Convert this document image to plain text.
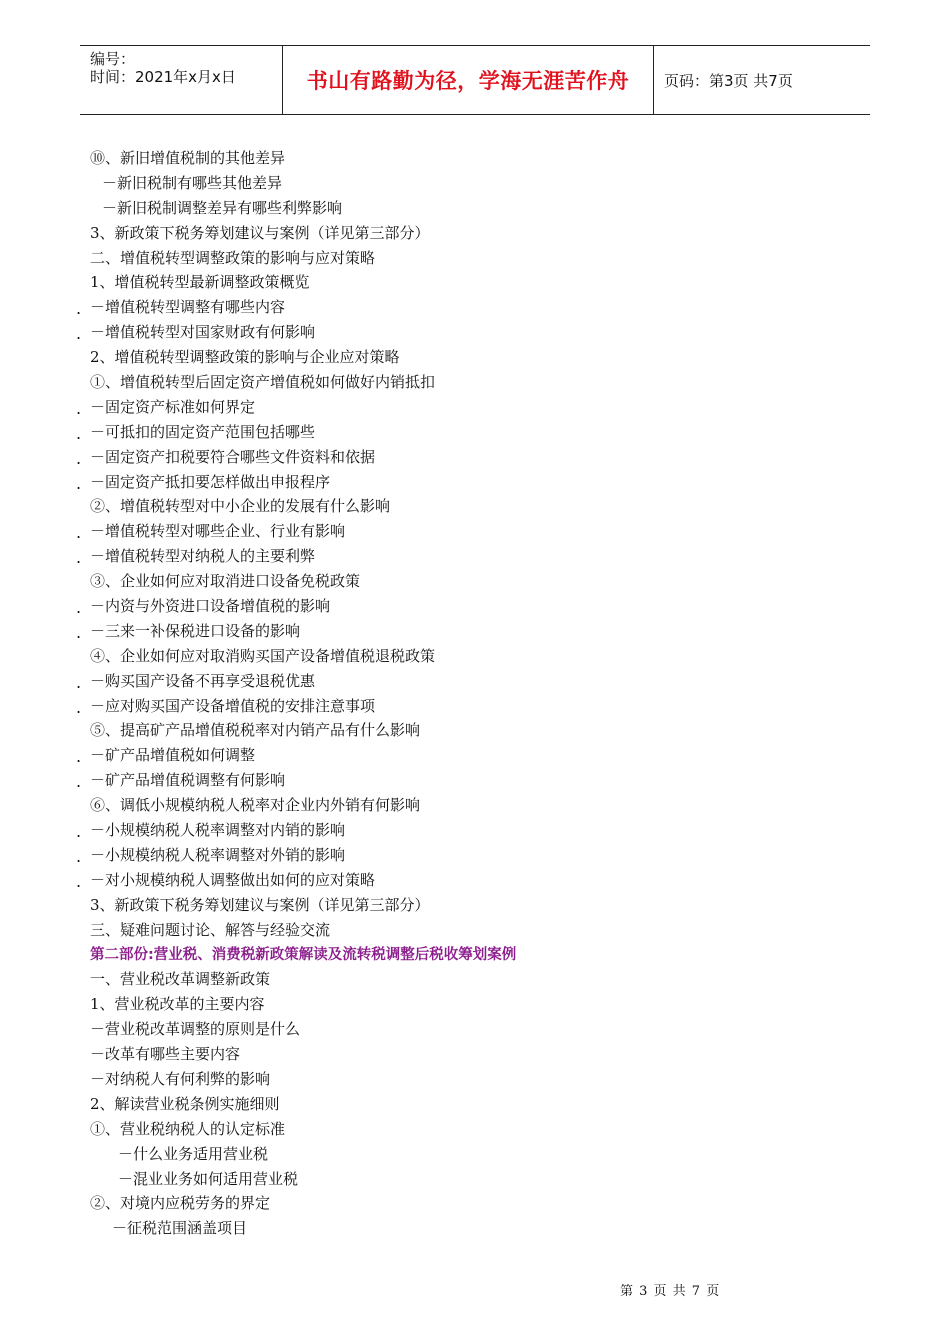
编号：
时间：2021年x月x日	书山有路勤为径，学海无涯苦作舟 页码：第3页 共7页
⑩、新旧增值税制的其他差异
－新旧税制有哪些其他差异
－新旧税制调整差异有哪些利弊影响
3、新政策下税务筹划建议与案例（详见第三部分）
二、增值税转型调整政策的影响与应对策略
1、增值税转型最新调整政策概览
. －增值税转型调整有哪些内容
. －增值税转型对国家财政有何影响
2、增值税转型调整政策的影响与企业应对策略
①、增值税转型后固定资产增值税如何做好内销抵扣
. －固定资产标准如何界定
. －可抵扣的固定资产范围包括哪些
. －固定资产扣税要符合哪些文件资料和依据
. －固定资产抵扣要怎样做出申报程序
②、增值税转型对中小企业的发展有什么影响
. －增值税转型对哪些企业、行业有影响
. －增值税转型对纳税人的主要利弊
③、企业如何应对取消进口设备免税政策
. －内资与外资进口设备增值税的影响
. －三来一补保税进口设备的影响
④、企业如何应对取消购买国产设备增值税退税政策
. －购买国产设备不再享受退税优惠
. －应对购买国产设备增值税的安排注意事项
⑤、提高矿产品增值税税率对内销产品有什么影响
. －矿产品增值税如何调整
. －矿产品增值税调整有何影响
⑥、调低小规模纳税人税率对企业内外销有何影响
. －小规模纳税人税率调整对内销的影响
. －小规模纳税人税率调整对外销的影响
. －对小规模纳税人调整做出如何的应对策略
3、新政策下税务筹划建议与案例（详见第三部分）
三、疑难问题讨论、解答与经验交流
第二部份:营业税、消费税新政策解读及流转税调整后税收筹划案例
一、营业税改革调整新政策
1、营业税改革的主要内容
－营业税改革调整的原则是什么
－改革有哪些主要内容
－对纳税人有何利弊的影响
2、解读营业税条例实施细则
①、营业税纳税人的认定标准
－什么业务适用营业税
－混业业务如何适用营业税
②、对境内应税劳务的界定
－征税范围涵盖项目
第 3 页 共 7 页
